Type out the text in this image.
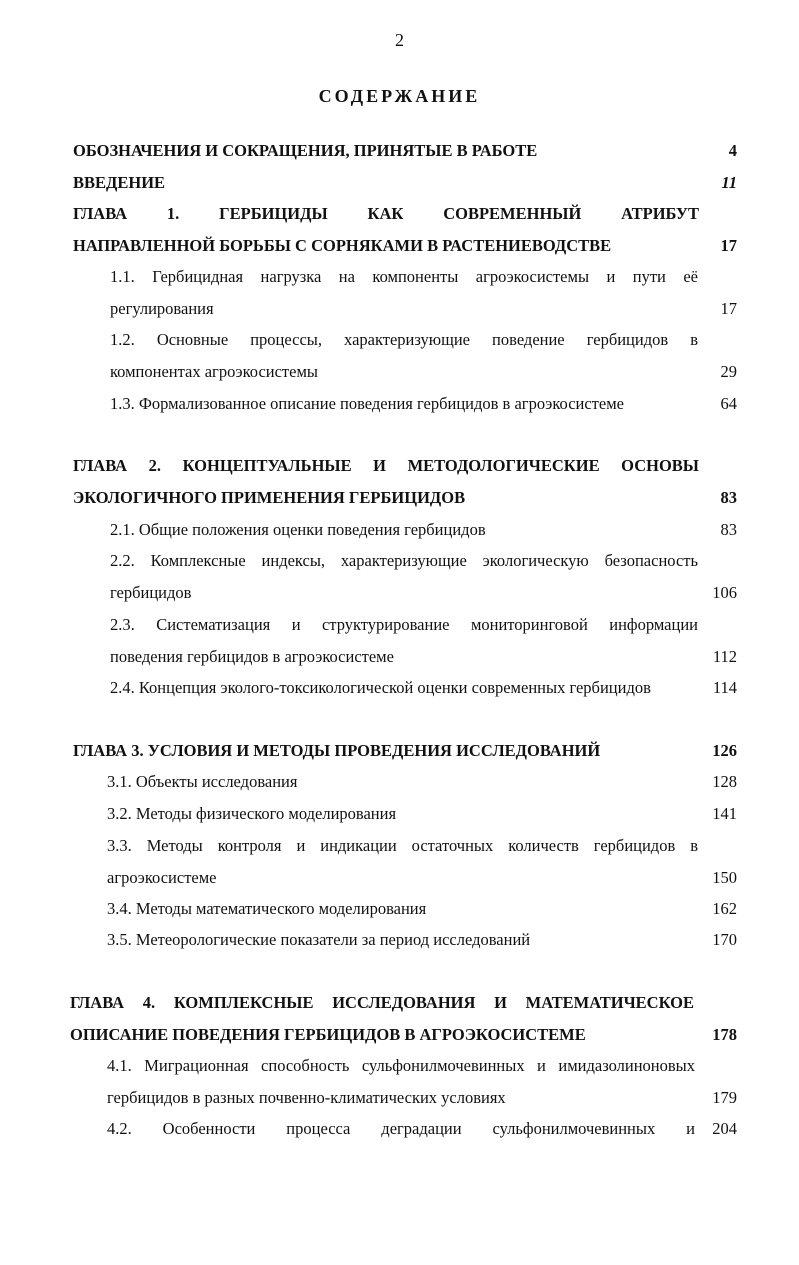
2
СОДЕРЖАНИЕ
ОБОЗНАЧЕНИЯ И СОКРАЩЕНИЯ, ПРИНЯТЫЕ В РАБОТЕ	4
ВВЕДЕНИЕ	11
ГЛАВА 1. ГЕРБИЦИДЫ КАК СОВРЕМЕННЫЙ АТРИБУТ
НАПРАВЛЕННОЙ БОРЬБЫ С СОРНЯКАМИ В РАСТЕНИЕВОДСТВЕ	17
1.1. Гербицидная нагрузка на компоненты агроэкосистемы и пути её
регулирования	17
1.2. Основные процессы, характеризующие поведение гербицидов в
компонентах агроэкосистемы	29
1.3. Формализованное описание поведения гербицидов в агроэкосистеме	64
ГЛАВА 2. КОНЦЕПТУАЛЬНЫЕ И МЕТОДОЛОГИЧЕСКИЕ ОСНОВЫ
ЭКОЛОГИЧНОГО ПРИМЕНЕНИЯ ГЕРБИЦИДОВ	83
2.1. Общие положения оценки поведения гербицидов	83
2.2. Комплексные индексы, характеризующие экологическую безопасность
гербицидов	106
2.3. Систематизация и структурирование мониторинговой информации
поведения гербицидов в агроэкосистеме	112
2.4. Концепция эколого-токсикологической оценки современных гербицидов	114
ГЛАВА 3. УСЛОВИЯ И МЕТОДЫ ПРОВЕДЕНИЯ ИССЛЕДОВАНИЙ	126
3.1. Объекты исследования	128
3.2. Методы физического моделирования	141
3.3. Методы контроля и индикации остаточных количеств гербицидов в
агроэкосистеме	150
3.4. Методы математического моделирования	162
3.5. Метеорологические показатели за период исследований	170
ГЛАВА 4. КОМПЛЕКСНЫЕ ИССЛЕДОВАНИЯ И МАТЕМАТИЧЕСКОЕ
ОПИСАНИЕ ПОВЕДЕНИЯ ГЕРБИЦИДОВ В АГРОЭКОСИСТЕМЕ	178
4.1. Миграционная способность сульфонилмочевинных и имидазолиноновых
гербицидов в разных почвенно-климатических условиях	179
4.2. Особенности процесса деградации сульфонилмочевинных и 204
